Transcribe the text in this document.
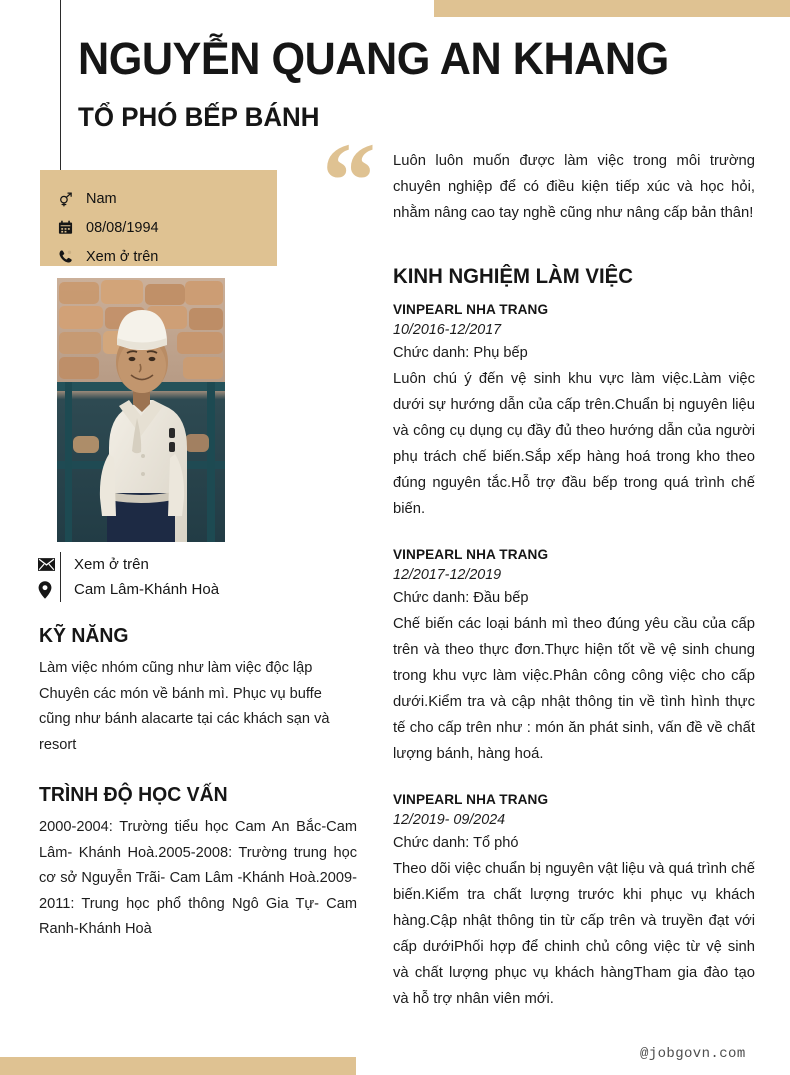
NGUYỄN QUANG AN KHANG
TỔ PHÓ BẾP BÁNH
Nam
08/08/1994
Xem ở trên
Xem ở trên
Cam Lâm-Khánh Hoà
KỸ NĂNG
Làm việc nhóm cũng như làm việc độc lập Chuyên các món về bánh mì. Phục vụ buffe cũng như bánh alacarte tại các khách sạn và resort
TRÌNH ĐỘ HỌC VẤN
2000-2004: Trường tiểu học Cam An Bắc-Cam Lâm- Khánh Hoà.2005-2008: Trường trung học cơ sở Nguyễn Trãi- Cam Lâm -Khánh Hoà.2009-2011: Trung học phổ thông Ngô Gia Tự- Cam Ranh-Khánh Hoà
“ Luôn luôn muốn được làm việc trong môi trường chuyên nghiệp để có điều kiện tiếp xúc và học hỏi, nhằm nâng cao tay nghề cũng như nâng cấp bản thân!
KINH NGHIỆM LÀM VIỆC
VINPEARL NHA TRANG
10/2016-12/2017
Chức danh: Phụ bếp
Luôn chú ý đến vệ sinh khu vực làm việc.Làm việc dưới sự hướng dẫn của cấp trên.Chuẩn bị nguyên liệu và công cụ dụng cụ đầy đủ theo hướng dẫn của người phụ trách chế biến.Sắp xếp hàng hoá trong kho theo đúng nguyên tắc.Hỗ trợ đầu bếp trong quá trình chế biến.
VINPEARL NHA TRANG
12/2017-12/2019
Chức danh: Đầu bếp
Chế biến các loại bánh mì theo đúng yêu cầu của cấp trên và theo thực đơn.Thực hiện tốt về vệ sinh chung trong khu vực làm việc.Phân công công việc cho cấp dưới.Kiểm tra và cập nhật thông tin về tình hình thực tế cho cấp trên như : món ăn phát sinh, vấn đề về chất lượng bánh, hàng hoá.
VINPEARL NHA TRANG
12/2019- 09/2024
Chức danh: Tổ phó
Theo dõi việc chuẩn bị nguyên vật liệu và quá trình chế biến.Kiểm tra chất lượng trước khi phục vụ khách hàng.Cập nhật thông tin từ cấp trên và truyền đạt với cấp dướiPhối hợp để chinh chủ công việc từ vệ sinh và chất lượng phục vụ khách hàngTham gia đào tạo và hỗ trợ nhân viên mới.
@jobgovn.com
